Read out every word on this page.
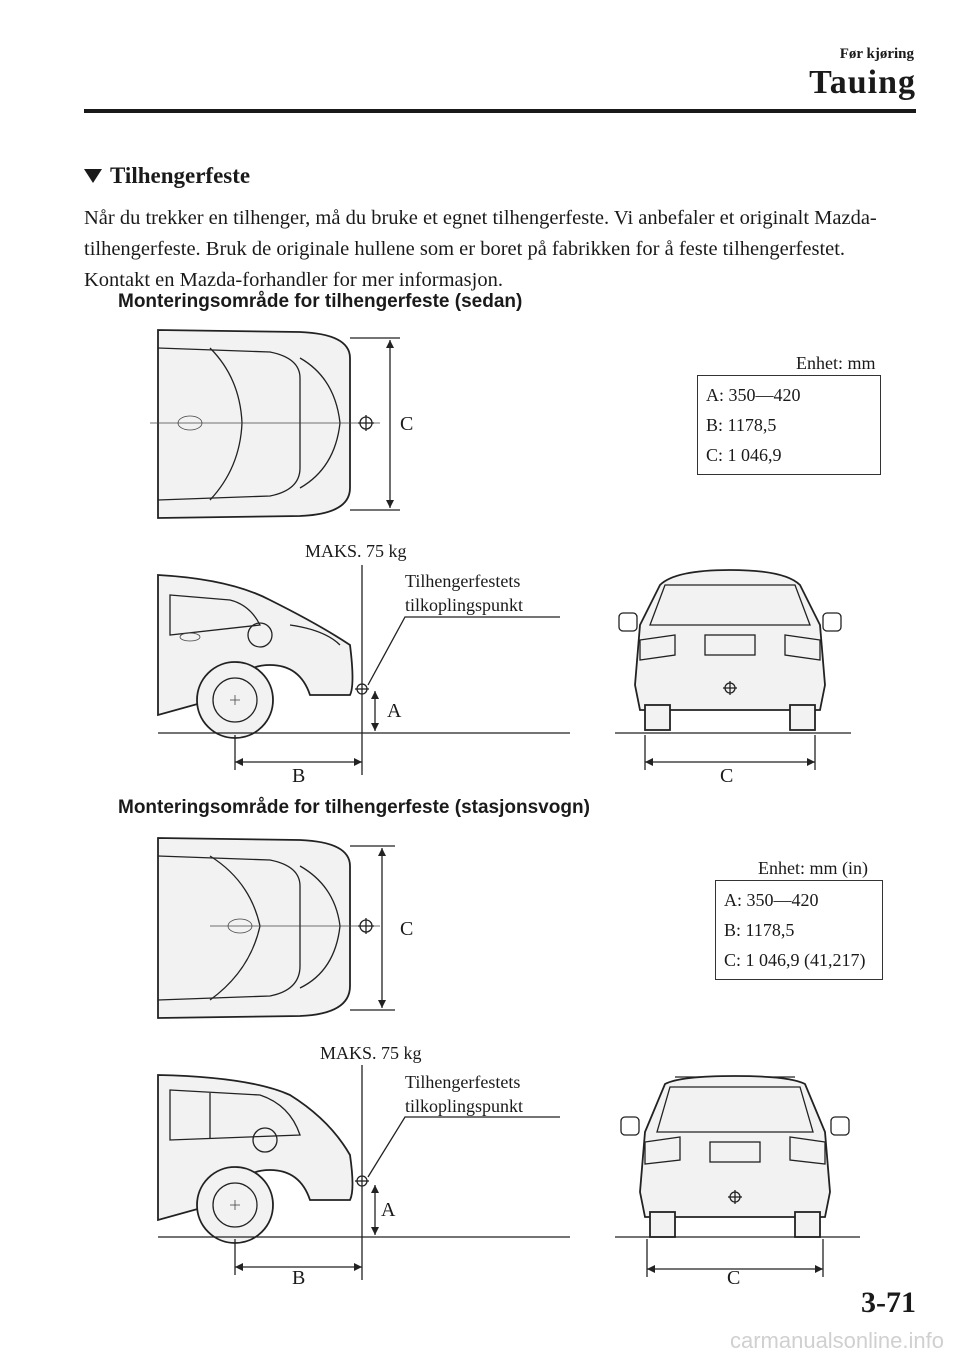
Før kjøring
Tauing
Tilhengerfeste
Når du trekker en tilhenger, må du bruke et egnet tilhengerfeste. Vi anbefaler et originalt Mazda-tilhengerfeste. Bruk de originale hullene som er boret på fabrikken for å feste tilhengerfestet. Kontakt en Mazda-forhandler for mer informasjon.
Monteringsområde for tilhengerfeste (sedan)
C
Enhet: mm
A: 350—420
B: 1178,5
C: 1 046,9
MAKS. 75 kg
Tilhengerfestets
tilkoplingspunkt
A
B	C
Monteringsområde for tilhengerfeste (stasjonsvogn)
C
Enhet: mm (in)
A: 350—420
B: 1178,5
C: 1 046,9 (41,217)
MAKS. 75 kg
Tilhengerfestets
tilkoplingspunkt
A
B	C
3-71
carmanualsonline.info
